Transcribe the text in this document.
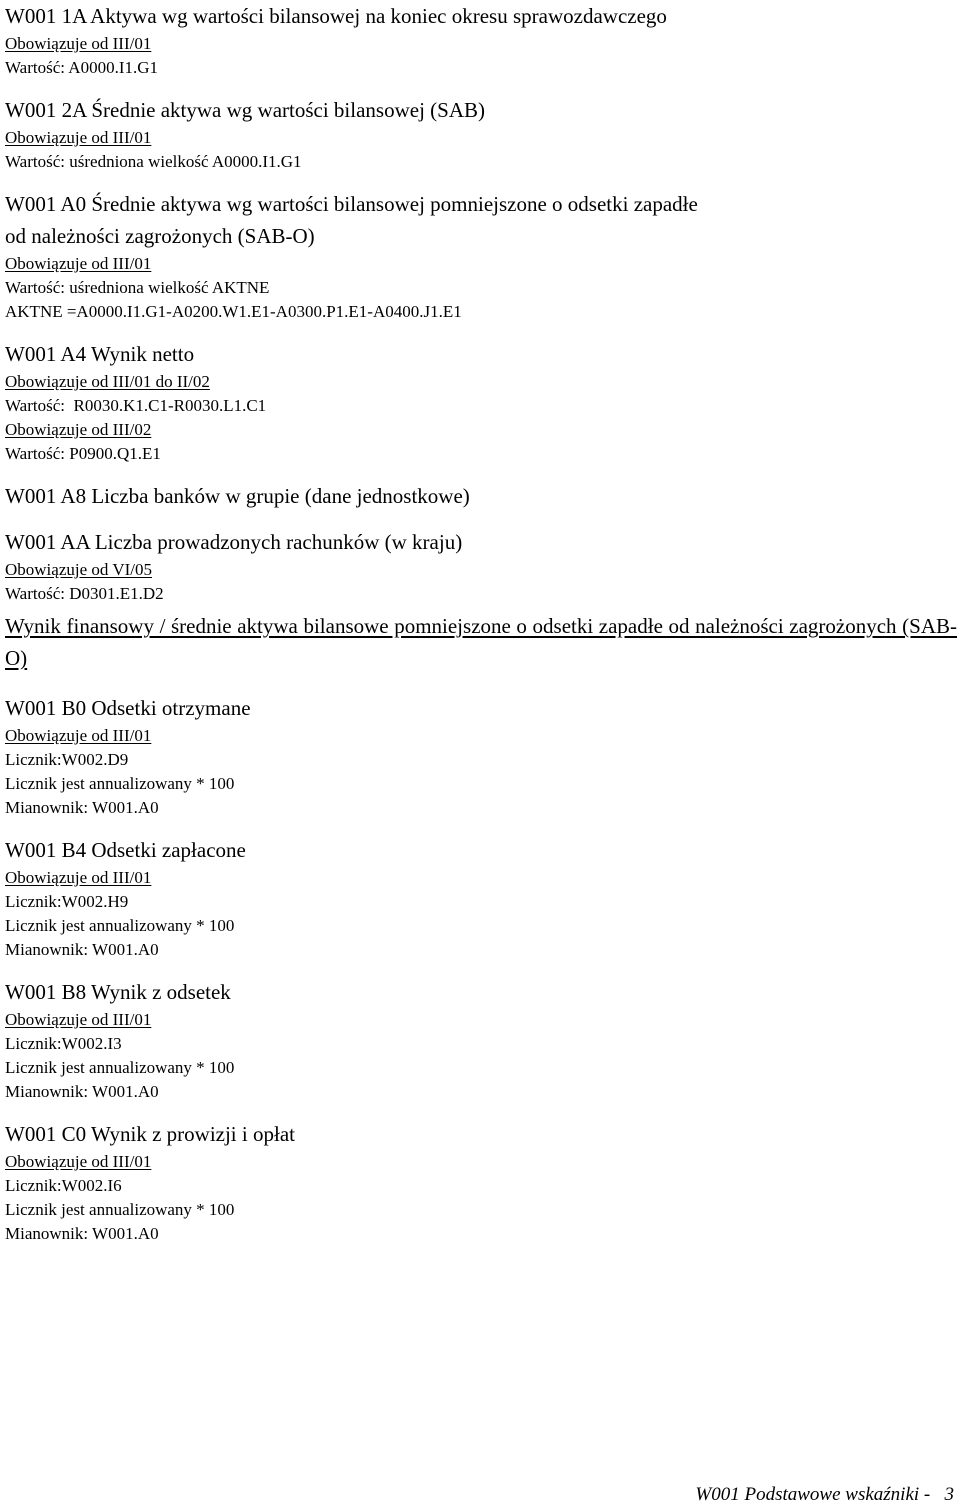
W001 1A Aktywa wg wartości bilansowej na koniec okresu sprawozdawczego

Obowiązuje od III/01

Wartość: A0000.I1.G1

W001 2A Średnie aktywa wg wartości bilansowej (SAB)

Obowiązuje od III/01

Wartość: uśredniona wielkość A0000.I1.G1

W001 A0 Średnie aktywa wg wartości bilansowej pomniejszone o odsetki zapadłe
od należności zagrożonych (SAB-O)

Obowiązuje od III/01

Wartość: uśredniona wielkość AKTNE

AKTNE =A0000.I1.G1-A0200.W1.E1-A0300.P1.E1-A0400.J1.E1

W001 A4 Wynik netto

Obowiązuje od III/01 do II/02

Wartość:  R0030.K1.C1-R0030.L1.C1

Obowiązuje od III/02

Wartość: P0900.Q1.E1

W001 A8 Liczba banków w grupie (dane jednostkowe)

W001 AA Liczba prowadzonych rachunków (w kraju)

Obowiązuje od VI/05

Wartość: D0301.E1.D2

Wynik finansowy / średnie aktywa bilansowe pomniejszone o odsetki zapadłe od należności zagrożonych (SAB-O)

W001 B0 Odsetki otrzymane

Obowiązuje od III/01

Licznik:W002.D9

Licznik jest annualizowany * 100

Mianownik: W001.A0

W001 B4 Odsetki zapłacone

Obowiązuje od III/01

Licznik:W002.H9

Licznik jest annualizowany * 100

Mianownik: W001.A0

W001 B8 Wynik z odsetek

Obowiązuje od III/01

Licznik:W002.I3

Licznik jest annualizowany * 100

Mianownik: W001.A0

W001 C0 Wynik z prowizji i opłat

Obowiązuje od III/01

Licznik:W002.I6

Licznik jest annualizowany * 100

Mianownik: W001.A0

W001 Podstawowe wskaźniki -   3
